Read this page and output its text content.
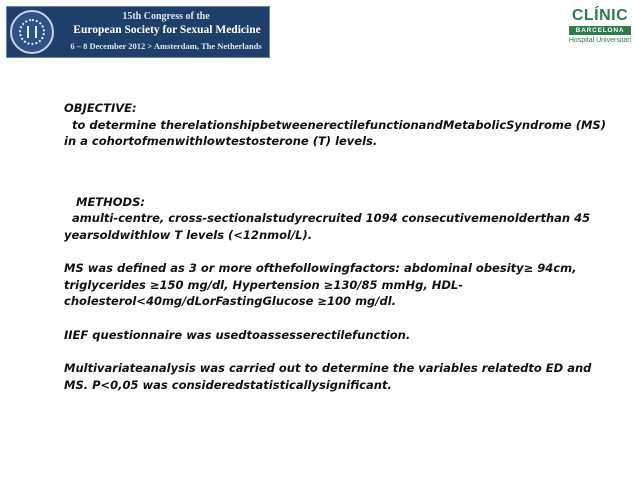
15th Congress of the
European Society for Sexual Medicine
6 – 8 December 2012 > Amsterdam, The Netherlands
CLÍNIC
BARCELONA
Hospital Universitari

OBJECTIVE:

to determine therelationshipbetweenerectilefunctionandMetabolicSyndrome (MS)

in a cohortofmenwithlowtestosterone (T) levels.

METHODS:

amulti-centre, cross-sectionalstudyrecruited 1094 consecutivemenolderthan 45

yearsoldwithlow T levels (<12nmol/L).

MS was defined as 3 or more ofthefollowingfactors: abdominal obesity≥ 94cm,

triglycerides ≥150 mg/dl, Hypertension ≥130/85 mmHg, HDL-

cholesterol<40mg/dLorFastingGlucose ≥100 mg/dl.

IIEF questionnaire was usedtoassesserectilefunction.

Multivariateanalysis was carried out to determine the variables relatedto ED and

MS. P<0,05 was consideredstatisticallysignificant.
